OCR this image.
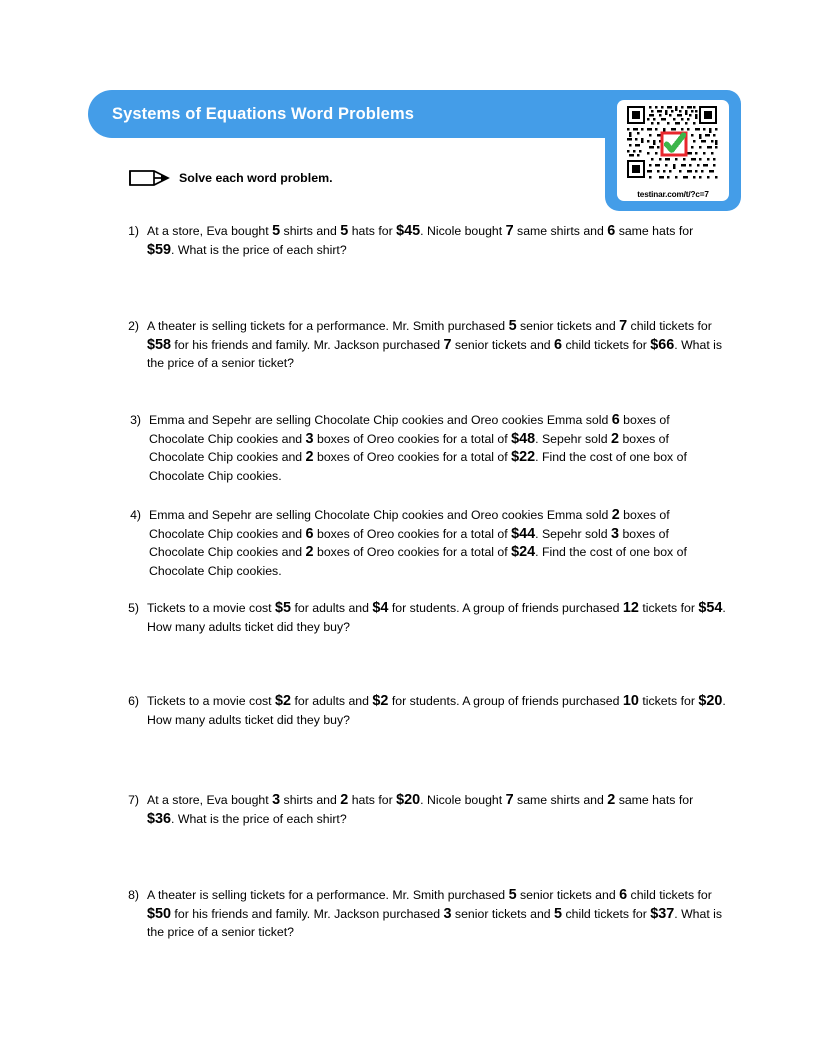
Systems of Equations Word Problems
testinar.com/t/?c=7
Solve each word problem.
1) At a store, Eva bought 5 shirts and 5 hats for $45. Nicole bought 7 same shirts and 6 same hats for $59. What is the price of each shirt?
2) A theater is selling tickets for a performance. Mr. Smith purchased 5 senior tickets and 7 child tickets for $58 for his friends and family. Mr. Jackson purchased 7 senior tickets and 6 child tickets for $66. What is the price of a senior ticket?
3) Emma and Sepehr are selling Chocolate Chip cookies and Oreo cookies Emma sold 6 boxes of Chocolate Chip cookies and 3 boxes of Oreo cookies for a total of $48. Sepehr sold 2 boxes of Chocolate Chip cookies and 2 boxes of Oreo cookies for a total of $22. Find the cost of one box of Chocolate Chip cookies.
4) Emma and Sepehr are selling Chocolate Chip cookies and Oreo cookies Emma sold 2 boxes of Chocolate Chip cookies and 6 boxes of Oreo cookies for a total of $44. Sepehr sold 3 boxes of Chocolate Chip cookies and 2 boxes of Oreo cookies for a total of $24. Find the cost of one box of Chocolate Chip cookies.
5) Tickets to a movie cost $5 for adults and $4 for students. A group of friends purchased 12 tickets for $54. How many adults ticket did they buy?
6) Tickets to a movie cost $2 for adults and $2 for students. A group of friends purchased 10 tickets for $20. How many adults ticket did they buy?
7) At a store, Eva bought 3 shirts and 2 hats for $20. Nicole bought 7 same shirts and 2 same hats for $36. What is the price of each shirt?
8) A theater is selling tickets for a performance. Mr. Smith purchased 5 senior tickets and 6 child tickets for $50 for his friends and family. Mr. Jackson purchased 3 senior tickets and 5 child tickets for $37. What is the price of a senior ticket?
